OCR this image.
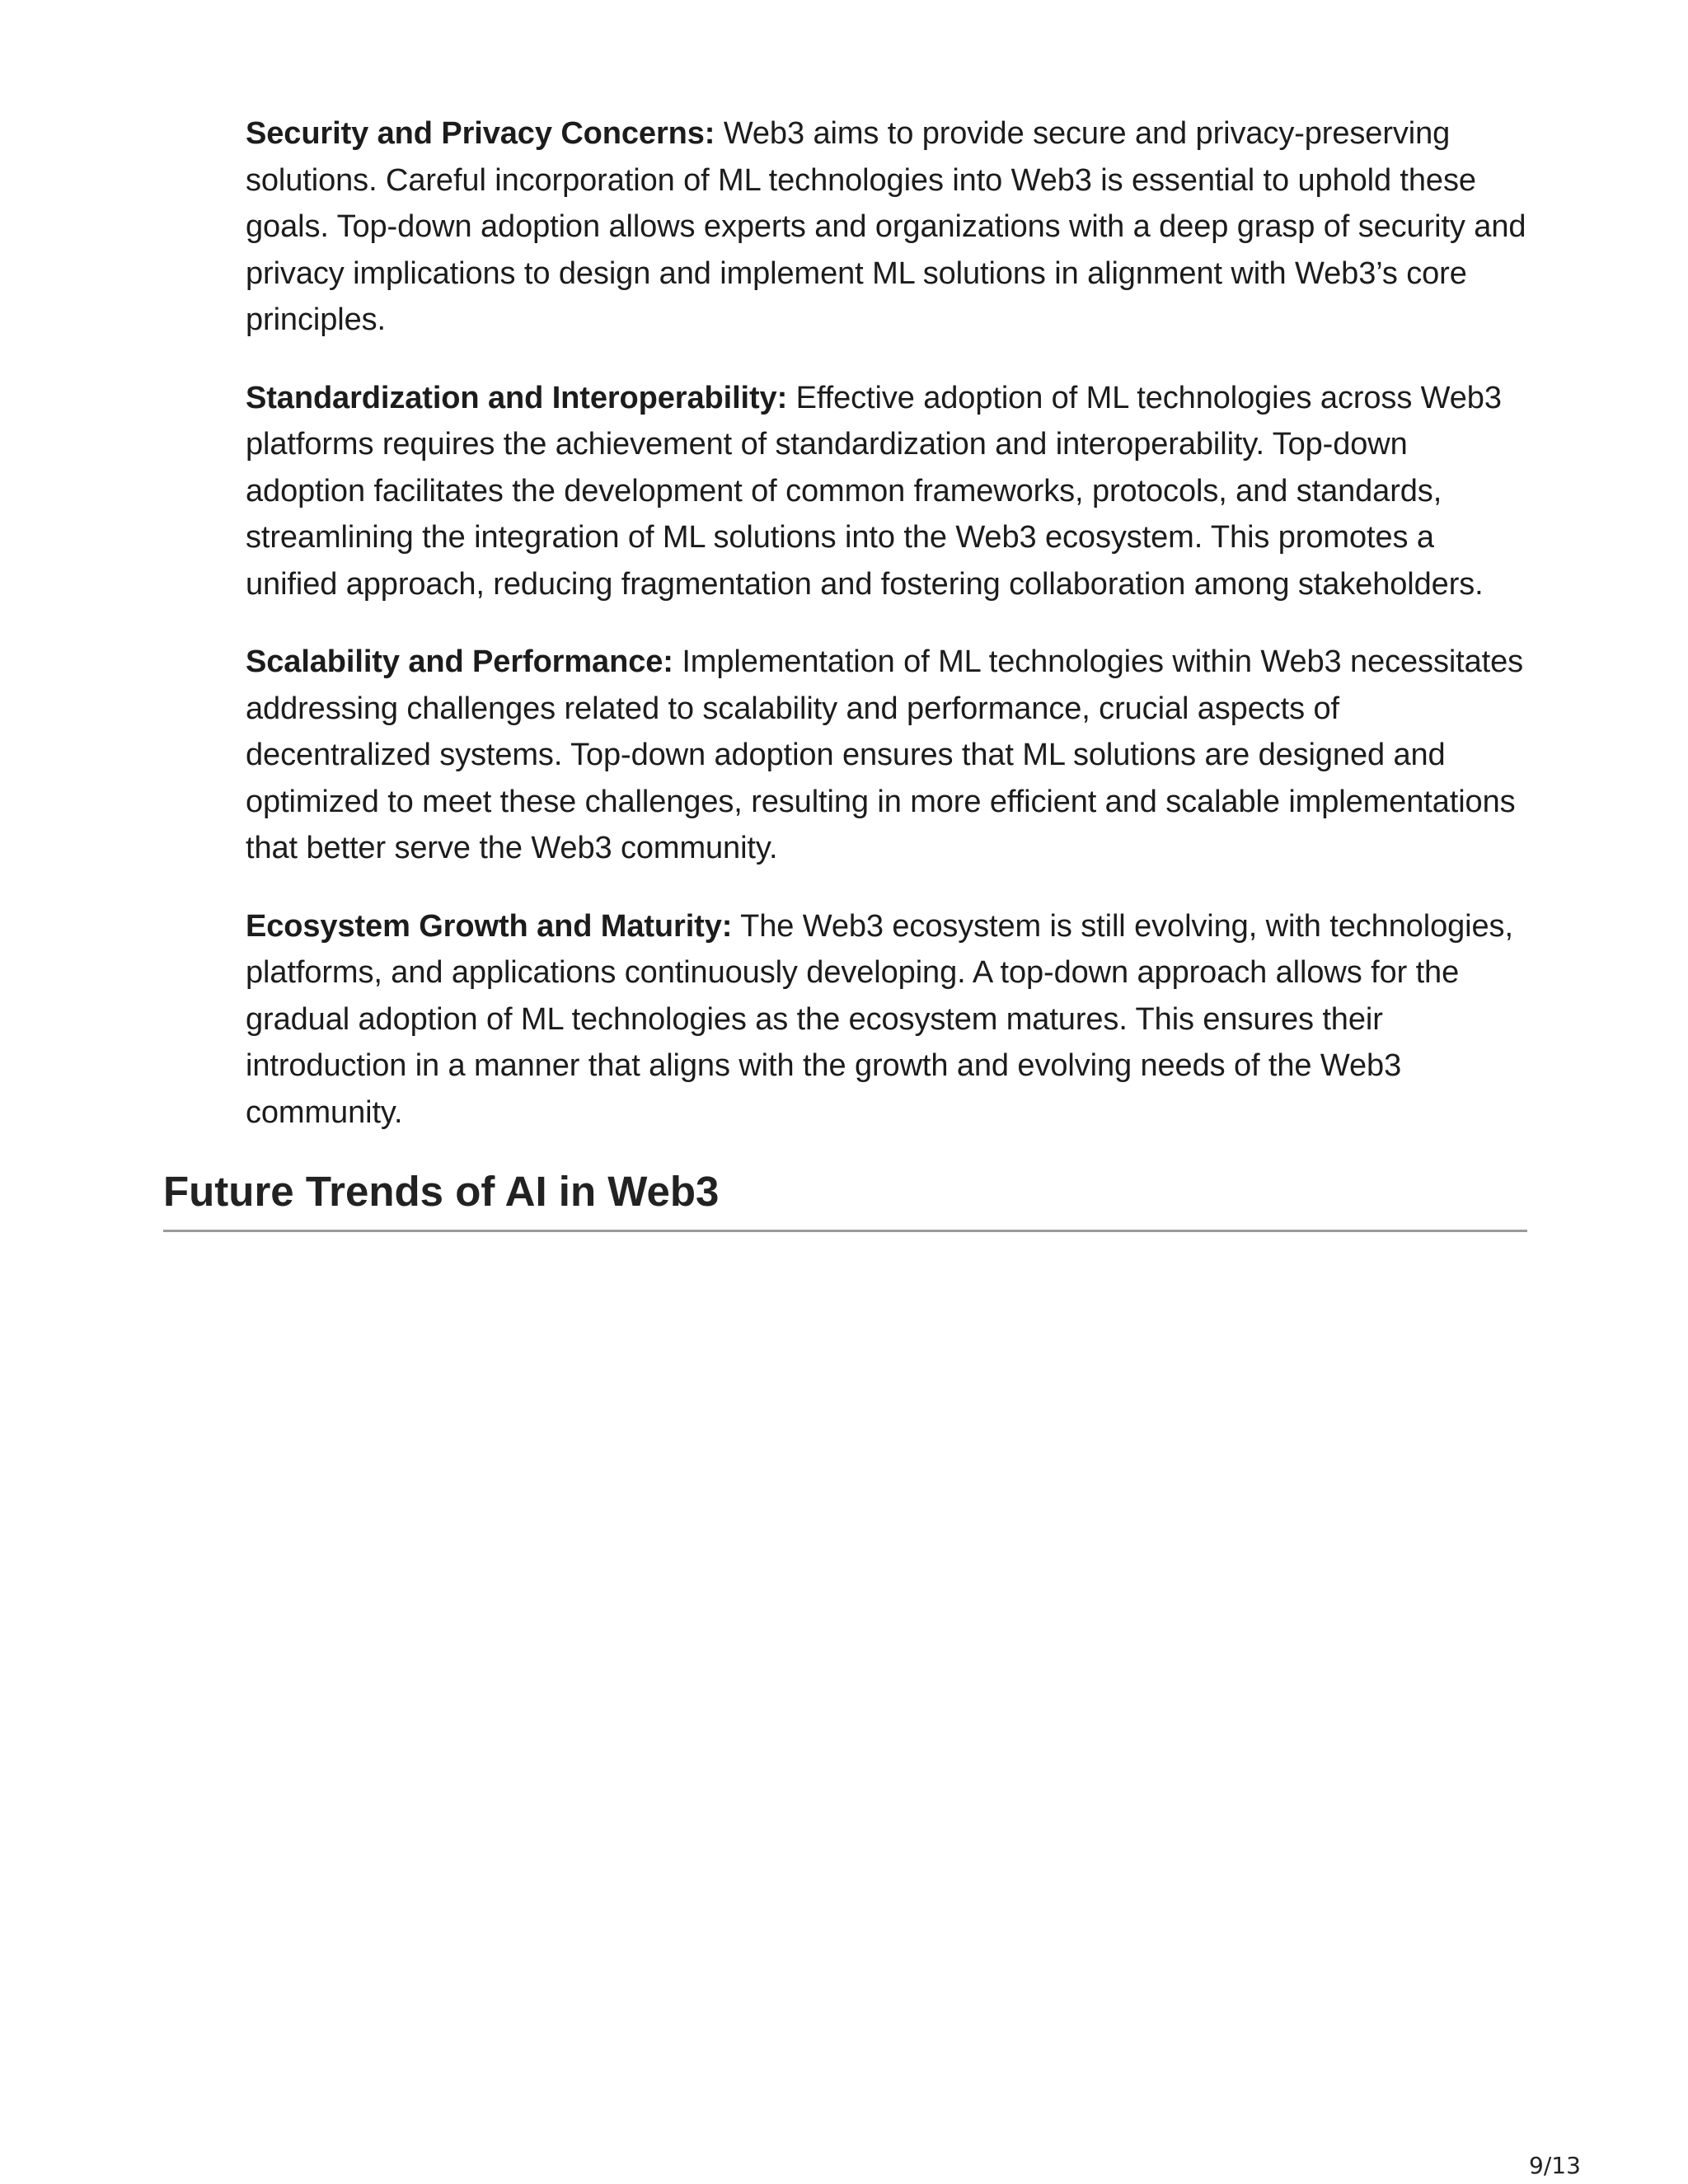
Security and Privacy Concerns: Web3 aims to provide secure and privacy-preserving solutions. Careful incorporation of ML technologies into Web3 is essential to uphold these goals. Top-down adoption allows experts and organizations with a deep grasp of security and privacy implications to design and implement ML solutions in alignment with Web3’s core principles.

Standardization and Interoperability: Effective adoption of ML technologies across Web3 platforms requires the achievement of standardization and interoperability. Top-down adoption facilitates the development of common frameworks, protocols, and standards, streamlining the integration of ML solutions into the Web3 ecosystem. This promotes a unified approach, reducing fragmentation and fostering collaboration among stakeholders.

Scalability and Performance: Implementation of ML technologies within Web3 necessitates addressing challenges related to scalability and performance, crucial aspects of decentralized systems. Top-down adoption ensures that ML solutions are designed and optimized to meet these challenges, resulting in more efficient and scalable implementations that better serve the Web3 community.

Ecosystem Growth and Maturity: The Web3 ecosystem is still evolving, with technologies, platforms, and applications continuously developing. A top-down approach allows for the gradual adoption of ML technologies as the ecosystem matures. This ensures their introduction in a manner that aligns with the growth and evolving needs of the Web3 community.

Future Trends of AI in Web3
9/13
